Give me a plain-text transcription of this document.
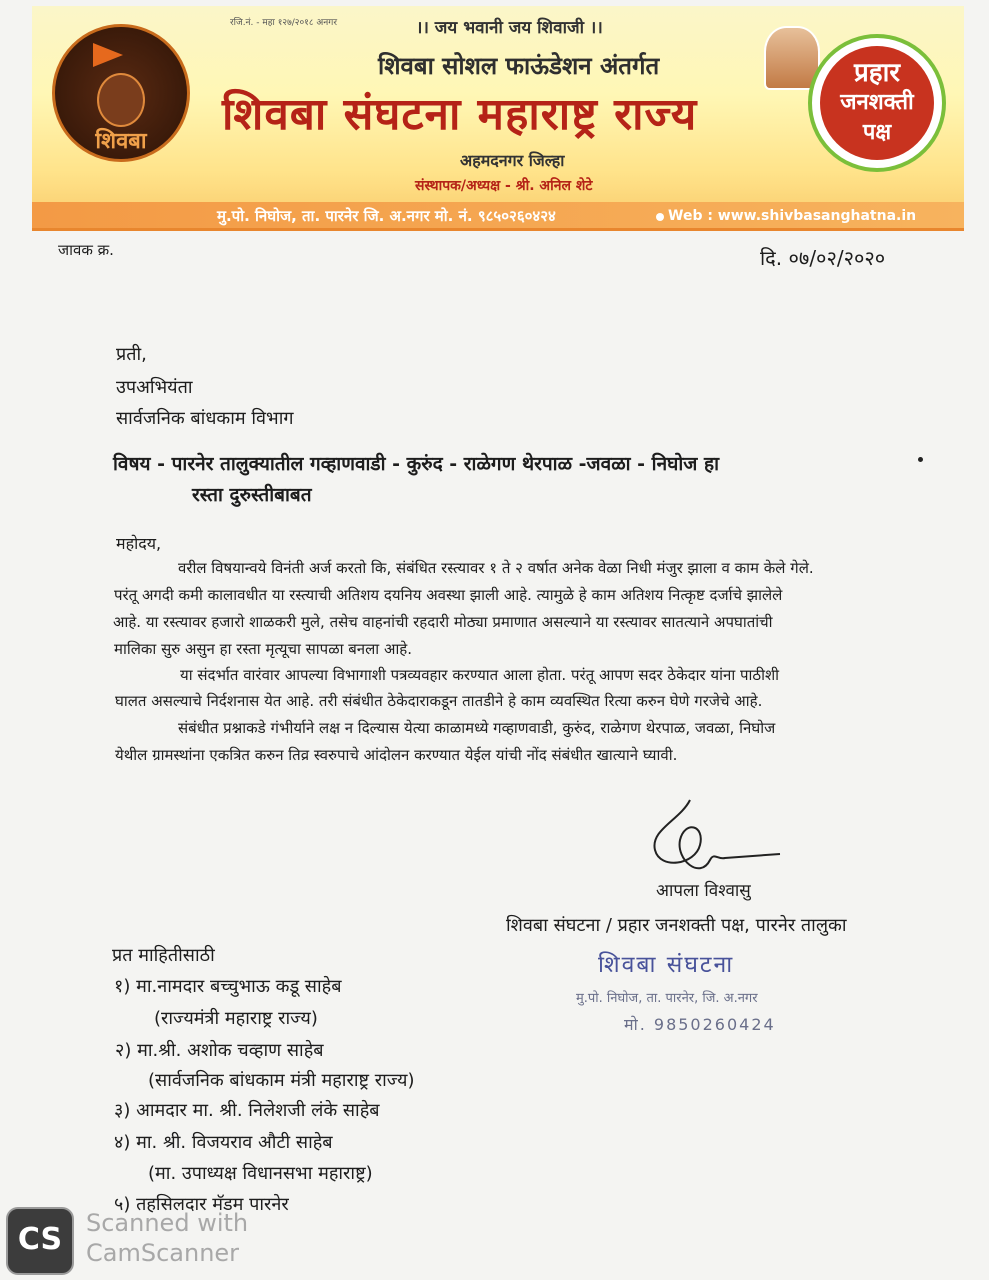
शिवबा
प्रहार
जनशक्ती
पक्ष
रजि.नं. - महा १२७/२०१८ अनगर	।। जय भवानी जय शिवाजी ।।
शिवबा सोशल फाऊंडेशन अंतर्गत
शिवबा संघटना महाराष्ट्र राज्य
अहमदनगर जिल्हा
संस्थापक/अध्यक्ष - श्री. अनिल शेटे
मु.पो. निघोज, ता. पारनेर जि. अ.नगर मो. नं. ९८५०२६०४२४	Web : www.shivbasanghatna.in
जावक क्र.	दि. ०७/०२/२०२०
प्रती,
उपअभियंता
सार्वजनिक बांधकाम विभाग
विषय - पारनेर तालुक्यातील गव्हाणवाडी - कुरुंद - राळेगण थेरपाळ -जवळा - निघोज हा
रस्ता दुरुस्तीबाबत
महोदय,
वरील विषयान्वये विनंती अर्ज करतो कि, संबंधित रस्त्यावर १ ते २ वर्षात अनेक वेळा निधी मंजुर झाला व काम केले गेले.
परंतू अगदी कमी कालावधीत या रस्त्याची अतिशय दयनिय अवस्था झाली आहे. त्यामुळे हे काम अतिशय नित्कृष्ट दर्जाचे झालेले
आहे. या रस्त्यावर हजारो शाळकरी मुले, तसेच वाहनांची रहदारी मोठ्या प्रमाणात असल्याने या रस्त्यावर सातत्याने अपघातांची
मालिका सुरु असुन हा रस्ता मृत्यूचा सापळा बनला आहे.
या संदर्भात वारंवार आपल्या विभागाशी पत्रव्यवहार करण्यात आला होता. परंतू आपण सदर ठेकेदार यांना पाठीशी
घालत असल्याचे निर्दशनास येत आहे. तरी संबंधीत ठेकेदाराकडून तातडीने हे काम व्यवस्थित रित्या करुन घेणे गरजेचे आहे.
संबंधीत प्रश्नाकडे गंभीर्याने लक्ष न दिल्यास येत्या काळामध्ये गव्हाणवाडी, कुरुंद, राळेगण थेरपाळ, जवळा, निघोज
येथील ग्रामस्थांना एकत्रित करुन तिव्र स्वरुपाचे आंदोलन करण्यात येईल यांची नोंद संबंधीत खात्याने घ्यावी.
आपला विश्वासु
शिवबा संघटना / प्रहार जनशक्ती पक्ष, पारनेर तालुका
शिवबा संघटना
मु.पो. निघोज, ता. पारनेर, जि. अ.नगर
मो. 9850260424
प्रत माहितीसाठी
१) मा.नामदार बच्चुभाऊ कडू साहेब
(राज्यमंत्री महाराष्ट्र राज्य)
२) मा.श्री. अशोक चव्हाण साहेब
(सार्वजनिक बांधकाम मंत्री महाराष्ट्र राज्य)
३) आमदार मा. श्री. निलेशजी लंके साहेब
४) मा. श्री. विजयराव औटी साहेब
(मा. उपाध्यक्ष विधानसभा महाराष्ट्र)
५) तहसिलदार मॅडम पारनेर
CS Scanned with
CamScanner
